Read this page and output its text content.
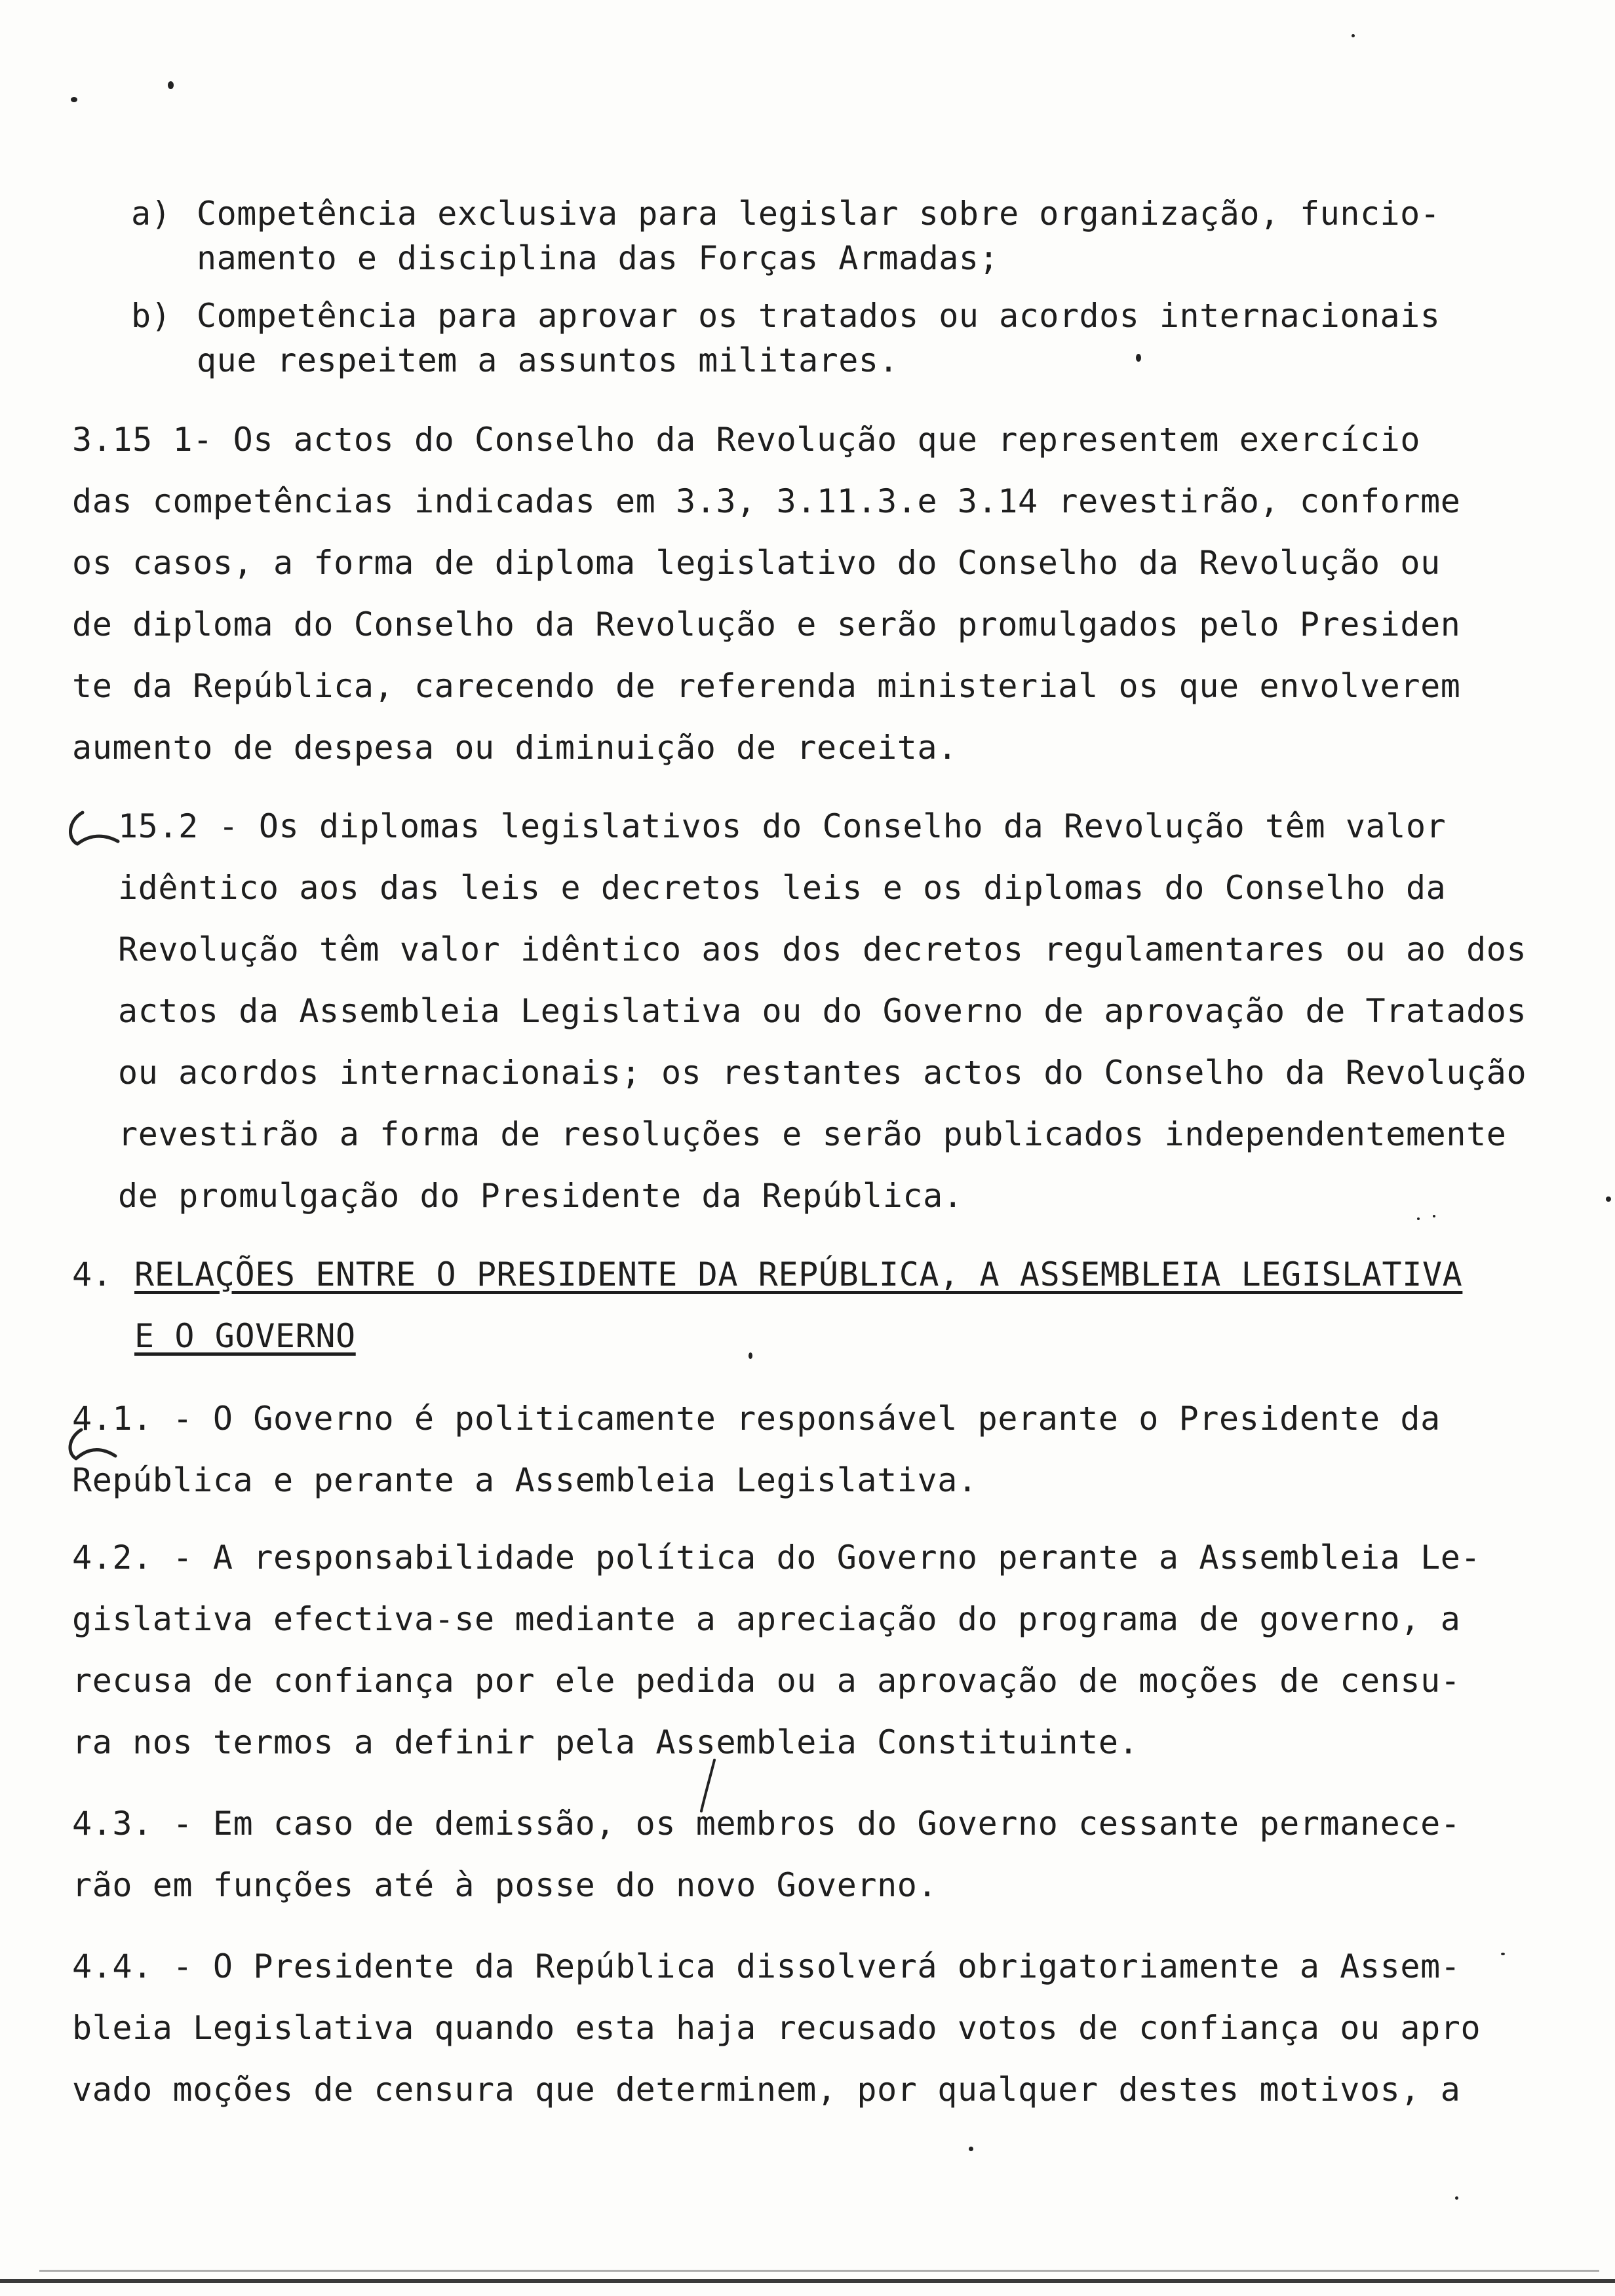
a) Competência exclusiva para legislar sobre organização, funcio-
namento e disciplina das Forças Armadas;
b) Competência para aprovar os tratados ou acordos internacionais
que respeitem a assuntos militares.
3.15 1- Os actos do Conselho da Revolução que representem exercício
das competências indicadas em 3.3, 3.11.3.e 3.14 revestirão, conforme
os casos, a forma de diploma legislativo do Conselho da Revolução ou
de diploma do Conselho da Revolução e serão promulgados pelo Presiden
te da República, carecendo de referenda ministerial os que envolverem
aumento de despesa ou diminuição de receita.
15.2 - Os diplomas legislativos do Conselho da Revolução têm valor
idêntico aos das leis e decretos leis e os diplomas do Conselho da
Revolução têm valor idêntico aos dos decretos regulamentares ou ao dos
actos da Assembleia Legislativa ou do Governo de aprovação de Tratados
ou acordos internacionais; os restantes actos do Conselho da Revolução
revestirão a forma de resoluções e serão publicados independentemente
de promulgação do Presidente da República.
4. RELAÇÕES ENTRE O PRESIDENTE DA REPÚBLICA, A ASSEMBLEIA LEGISLATIVA
E O GOVERNO
4.1. - O Governo é politicamente responsável perante o Presidente da
República e perante a Assembleia Legislativa.
4.2. - A responsabilidade política do Governo perante a Assembleia Le-
gislativa efectiva-se mediante a apreciação do programa de governo, a
recusa de confiança por ele pedida ou a aprovação de moções de censu-
ra nos termos a definir pela Assembleia Constituinte.
4.3. - Em caso de demissão, os membros do Governo cessante permanece-
rão em funções até à posse do novo Governo.
4.4. - O Presidente da República dissolverá obrigatoriamente a Assem-
bleia Legislativa quando esta haja recusado votos de confiança ou apro
vado moções de censura que determinem, por qualquer destes motivos, a
